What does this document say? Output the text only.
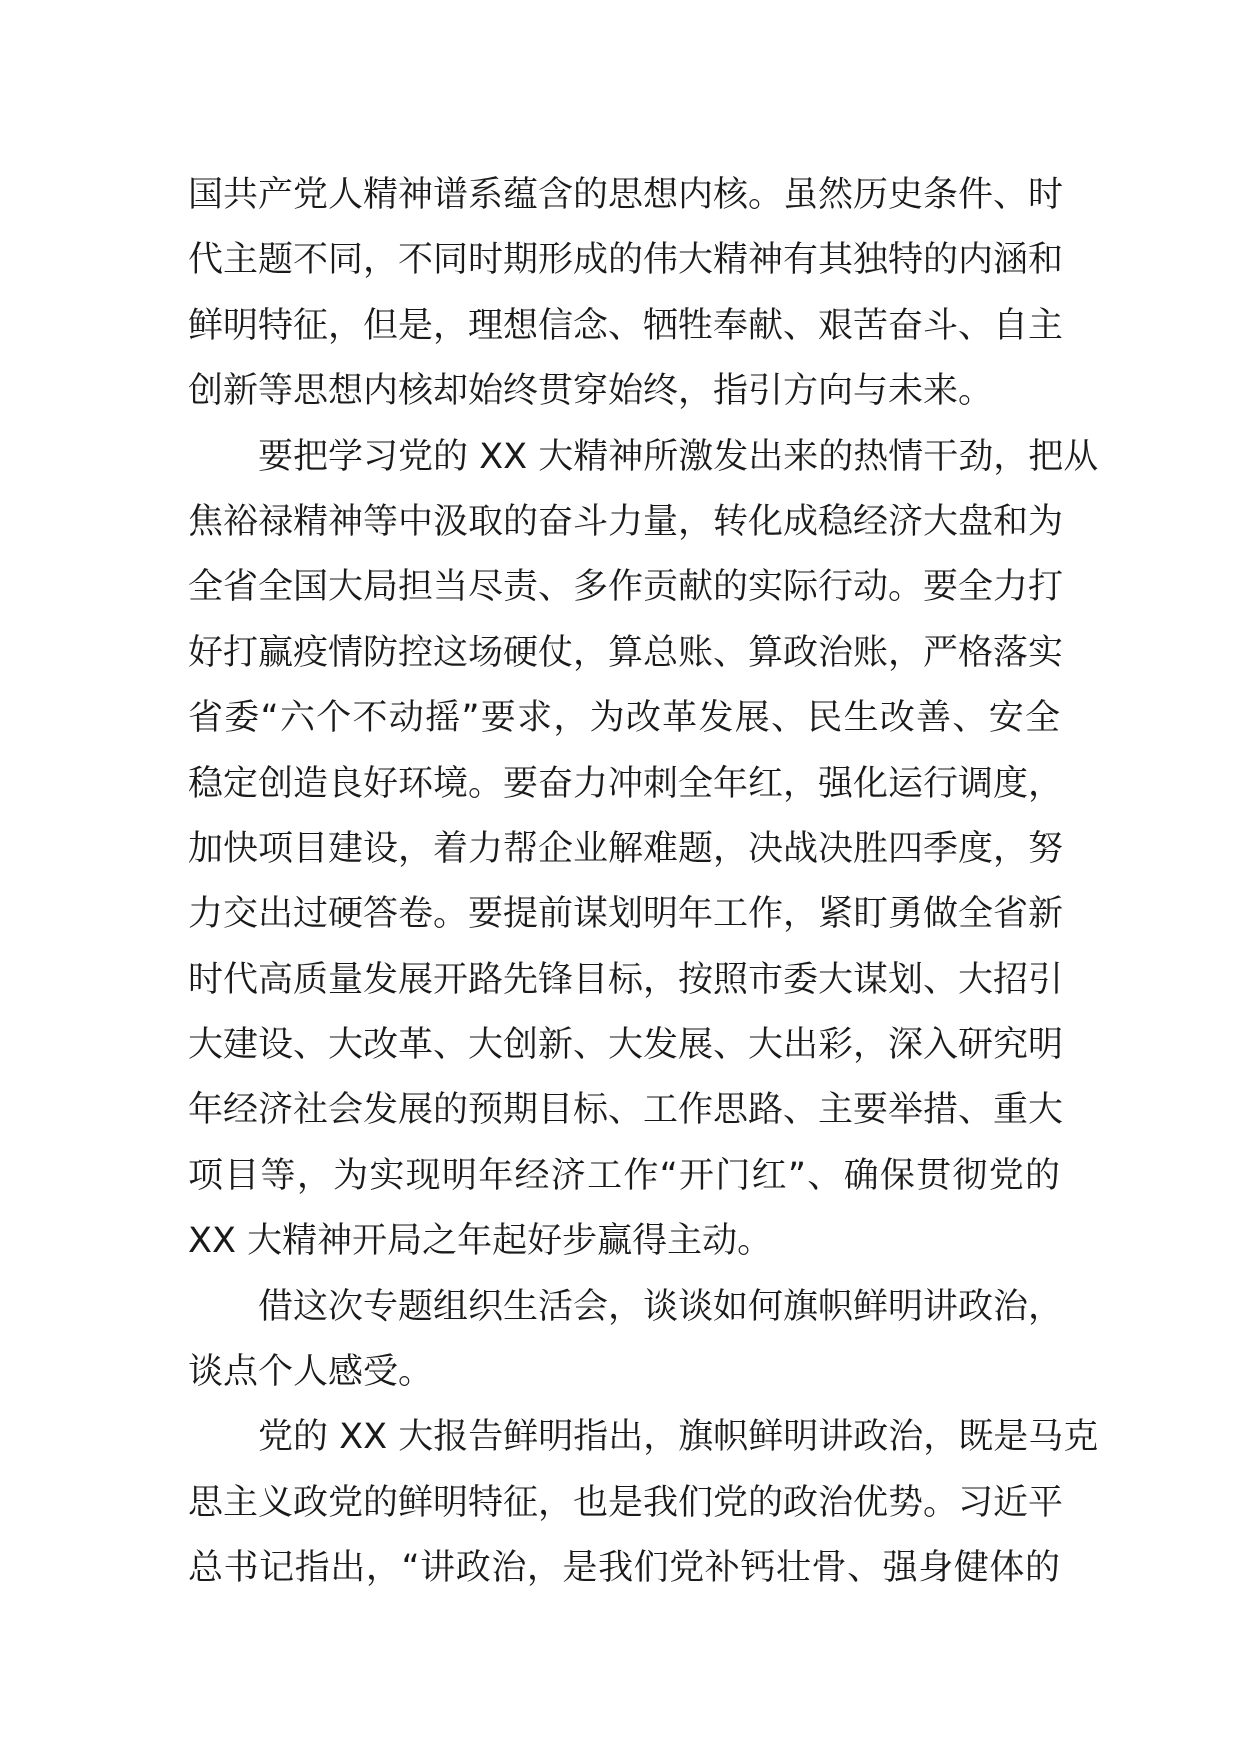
国共产党人精神谱系蕴含的思想内核。虽然历史条件、时
代主题不同，不同时期形成的伟大精神有其独特的内涵和
鲜明特征，但是，理想信念、牺牲奉献、艰苦奋斗、自主
创新等思想内核却始终贯穿始终，指引方向与未来。
要把学习党的 XX 大精神所激发出来的热情干劲，把从
焦裕禄精神等中汲取的奋斗力量，转化成稳经济大盘和为
全省全国大局担当尽责、多作贡献的实际行动。要全力打
好打赢疫情防控这场硬仗，算总账、算政治账，严格落实
省委“六个不动摇”要求，为改革发展、民生改善、安全
稳定创造良好环境。要奋力冲刺全年红，强化运行调度，
加快项目建设，着力帮企业解难题，决战决胜四季度，努
力交出过硬答卷。要提前谋划明年工作，紧盯勇做全省新
时代高质量发展开路先锋目标，按照市委大谋划、大招引
大建设、大改革、大创新、大发展、大出彩，深入研究明
年经济社会发展的预期目标、工作思路、主要举措、重大
项目等，为实现明年经济工作“开门红”、确保贯彻党的
XX 大精神开局之年起好步赢得主动。
借这次专题组织生活会，谈谈如何旗帜鲜明讲政治，
谈点个人感受。
党的 XX 大报告鲜明指出，旗帜鲜明讲政治，既是马克
思主义政党的鲜明特征，也是我们党的政治优势。习近平
总书记指出，“讲政治，是我们党补钙壮骨、强身健体的
